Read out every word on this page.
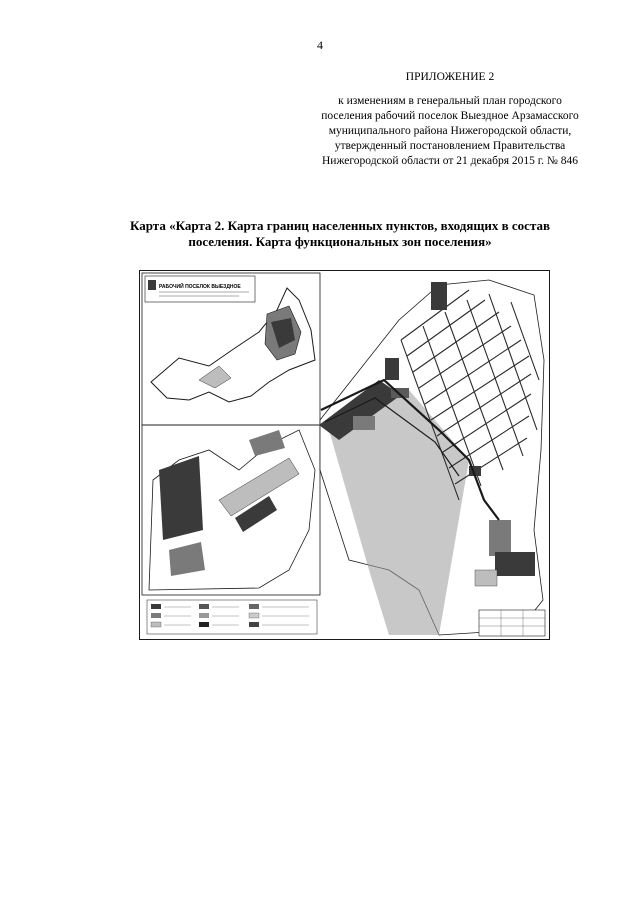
4
ПРИЛОЖЕНИЕ 2
к изменениям в генеральный план городского
поселения рабочий поселок Выездное Арзамасского
муниципального района Нижегородской области,
утвержденный постановлением Правительства
Нижегородской области от 21 декабря 2015 г. № 846
Карта «Карта 2. Карта границ населенных пунктов, входящих в состав
поселения. Карта функциональных зон поселения»
РАБОЧИЙ ПОСЕЛОК ВЫЕЗДНОЕ
